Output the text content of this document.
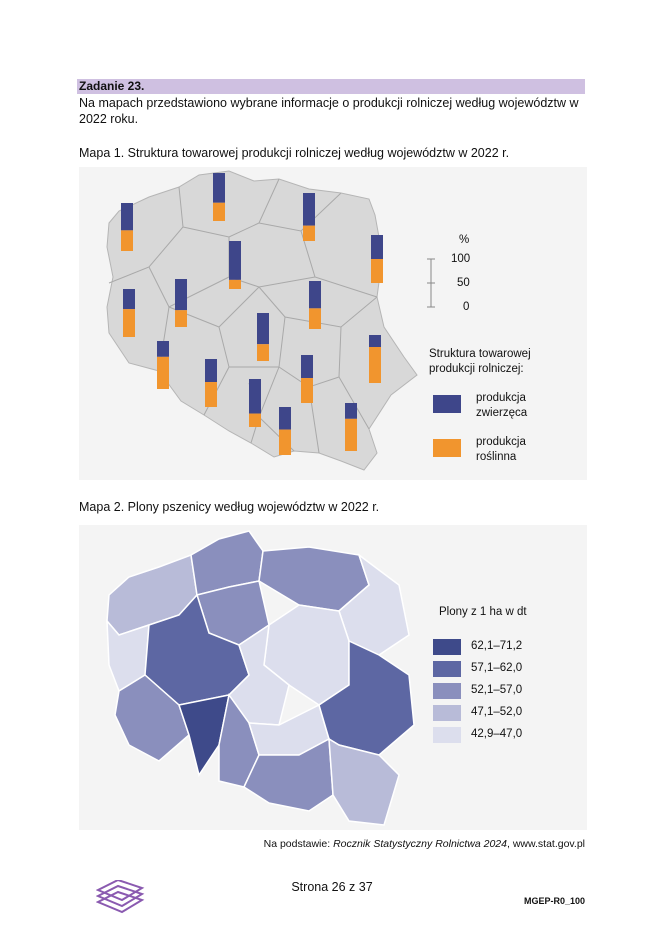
Zadanie 23.
Na mapach przedstawiono wybrane informacje o produkcji rolniczej według województw w 2022 roku.
Mapa 1. Struktura towarowej produkcji rolniczej według województw w 2022 r.
%
100
50
0
Struktura towarowej produkcji rolniczej:
produkcja
zwierzęca
produkcja
roślinna
Mapa 2. Plony pszenicy według województw w 2022 r.
Plony z 1 ha w dt
62,1–71,2
57,1–62,0
52,1–57,0
47,1–52,0
42,9–47,0
Na podstawie: Rocznik Statystyczny Rolnictwa 2024, www.stat.gov.pl
Strona 26 z 37
MGEP-R0_100
